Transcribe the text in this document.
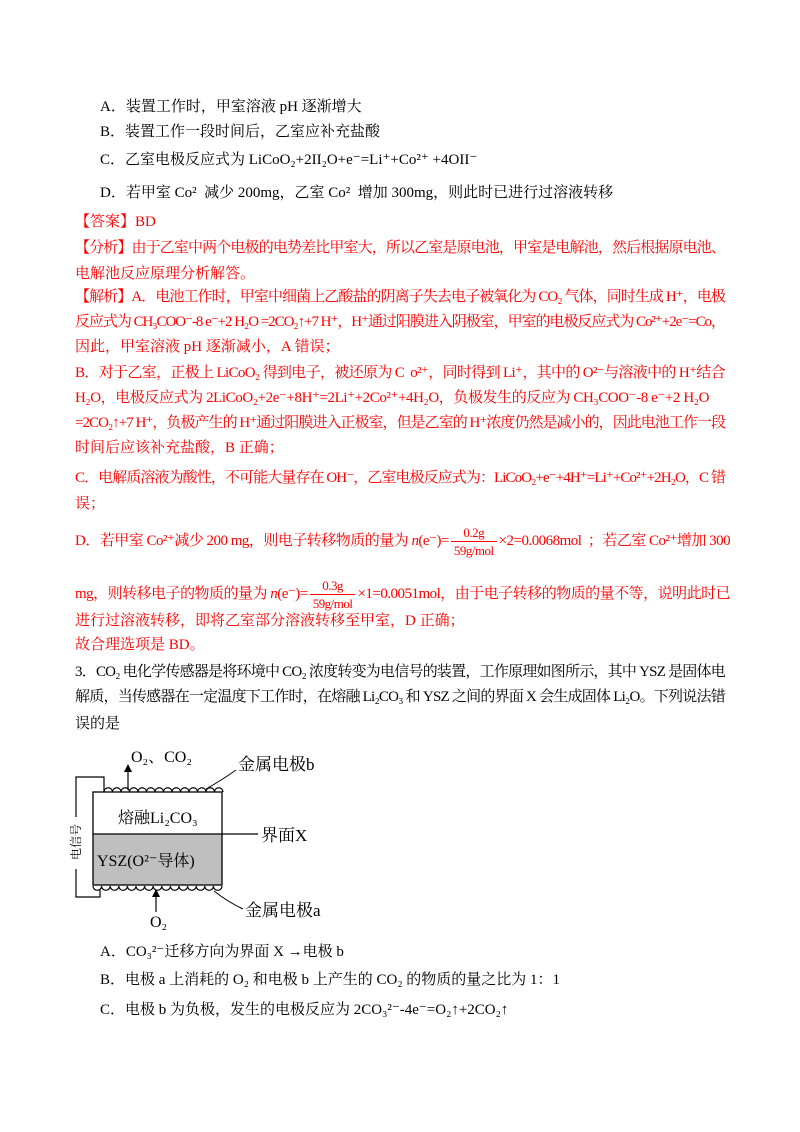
A．装置工作时，甲室溶液 pH 逐渐增大
B．装置工作一段时间后，乙室应补充盐酸
C．乙室电极反应式为 LiCoO₂+2II₂O+e⁻=Li⁺+Co²⁺ +4OII⁻
D．若甲室 Co²  减少 200mg，乙室 Co²  增加 300mg，则此时已进行过溶液转移
【答案】BD
【分析】由于乙室中两个电极的电势差比甲室大，所以乙室是原电池，甲室是电解池，然后根据原电池、
电解池反应原理分析解答。
【解析】A．电池工作时，甲室中细菌上乙酸盐的阴离子失去电子被氧化为 CO₂ 气体，同时生成 H⁺，电极
反应式为 CH₃COO⁻-8 e⁻+2 H₂O =2CO₂↑+7 H⁺，H⁺通过阳膜进入阴极室，甲室的电极反应式为 Co²⁺+2e⁻=Co，
因此，甲室溶液 pH 逐渐减小，A 错误；
B．对于乙室，正极上 LiCoO₂ 得到电子，被还原为 C  o²⁺，同时得到 Li⁺，其中的 O²⁻与溶液中的 H⁺结合
H₂O，电极反应式为 2LiCoO₂+2e⁻+8H⁺=2Li⁺+2Co²⁺+4H₂O，负极发生的反应为 CH₃COO⁻-8 e⁻+2 H₂O
=2CO₂↑+7 H⁺，负极产生的 H⁺通过阳膜进入正极室，但是乙室的 H⁺浓度仍然是减小的，因此电池工作一段
时间后应该补充盐酸，B 正确；
C．电解质溶液为酸性，不可能大量存在 OH⁻，乙室电极反应式为：LiCoO₂+e⁻+4H⁺=Li⁺+Co²⁺+2H₂O，C 错
误；
D．若甲室 Co²⁺减少 200 mg，则电子转移物质的量为 $n(e^-)= \frac{0.2g}{\text{59g/mol}} \times 2=0.0068mol$  ；若乙室 Co²⁺增加 300
mg，则转移电子的物质的量为 $n(e^-)= \frac{0.3g}{\text{59g/mol}} \times 1=0.0051mol$，由于电子转移的物质的量不等，说明此时已
进行过溶液转移，即将乙室部分溶液转移至甲室，D 正确；
故合理选项是 BD。
3．CO₂ 电化学传感器是将环境中 CO₂ 浓度转变为电信号的装置，工作原理如图所示，其中 YSZ 是固体电
解质，当传感器在一定温度下工作时，在熔融 Li₂CO₃ 和 YSZ 之间的界面 X 会生成固体 Li₂O。下列说法错
误的是
电信号
O₂、CO₂	金属电极b
熔融Li₂CO₃
界面X
YSZ(O²⁻导体)
O₂
金属电极a
A．CO₃²⁻迁移方向为界面 X →电极 b
B．电极 a 上消耗的 O₂ 和电极 b 上产生的 CO₂ 的物质的量之比为 1：1
C．电极 b 为负极，发生的电极反应为 2CO₃²⁻-4e⁻=O₂↑+2CO₂↑
